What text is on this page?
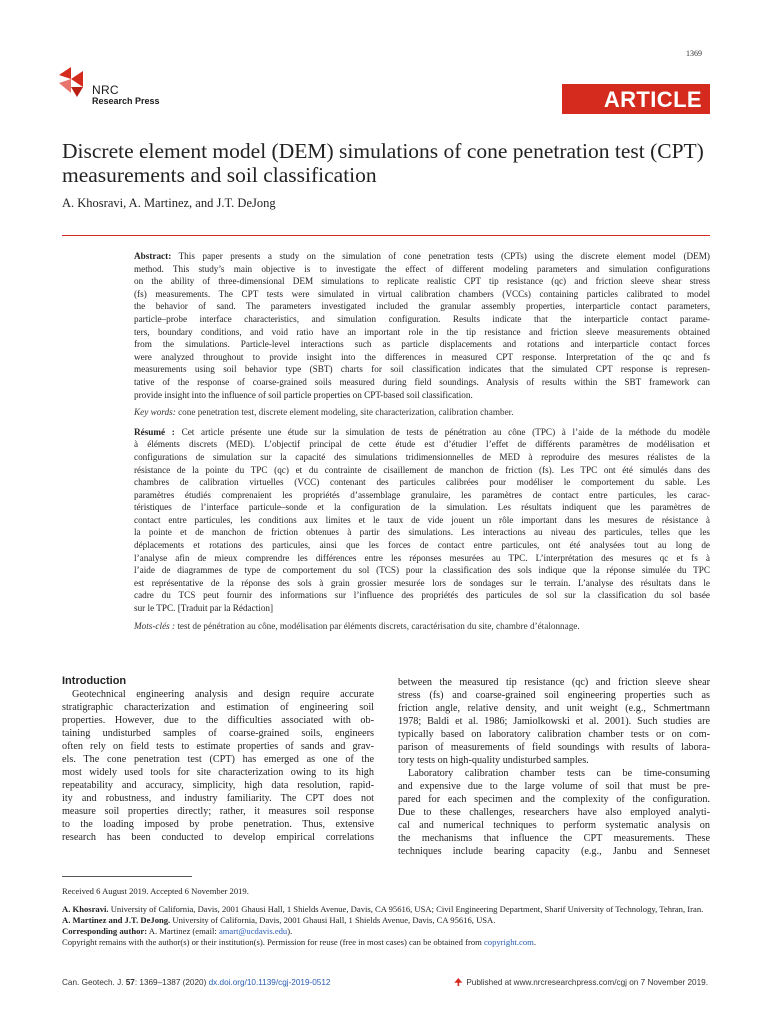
1369
NRC
Research Press	ARTICLE
Discrete element model (DEM) simulations of cone penetration test (CPT) measurements and soil classification
A. Khosravi, A. Martinez, and J.T. DeJong

Abstract: This paper presents a study on the simulation of cone penetration tests (CPTs) using the discrete element model (DEM)
method. This study’s main objective is to investigate the effect of different modeling parameters and simulation configurations
on the ability of three-dimensional DEM simulations to replicate realistic CPT tip resistance (qc) and friction sleeve shear stress
(fs) measurements. The CPT tests were simulated in virtual calibration chambers (VCCs) containing particles calibrated to model
the behavior of sand. The parameters investigated included the granular assembly properties, interparticle contact parameters,
particle–probe interface characteristics, and simulation configuration. Results indicate that the interparticle contact parame-
ters, boundary conditions, and void ratio have an important role in the tip resistance and friction sleeve measurements obtained
from the simulations. Particle-level interactions such as particle displacements and rotations and interparticle contact forces
were analyzed throughout to provide insight into the differences in measured CPT response. Interpretation of the qc and fs
measurements using soil behavior type (SBT) charts for soil classification indicates that the simulated CPT response is represen-
tative of the response of coarse-grained soils measured during field soundings. Analysis of results within the SBT framework can
provide insight into the influence of soil particle properties on CPT-based soil classification.

Key words: cone penetration test, discrete element modeling, site characterization, calibration chamber.

Résumé : Cet article présente une étude sur la simulation de tests de pénétration au cône (TPC) à l’aide de la méthode du modèle
à éléments discrets (MED). L’objectif principal de cette étude est d’étudier l’effet de différents paramètres de modélisation et
configurations de simulation sur la capacité des simulations tridimensionnelles de MED à reproduire des mesures réalistes de la
résistance de la pointe du TPC (qc) et du contrainte de cisaillement de manchon de friction (fs). Les TPC ont été simulés dans des
chambres de calibration virtuelles (VCC) contenant des particules calibrées pour modéliser le comportement du sable. Les
paramètres étudiés comprenaient les propriétés d’assemblage granulaire, les paramètres de contact entre particules, les carac-
téristiques de l’interface particule–sonde et la configuration de la simulation. Les résultats indiquent que les paramètres de
contact entre particules, les conditions aux limites et le taux de vide jouent un rôle important dans les mesures de résistance à
la pointe et de manchon de friction obtenues à partir des simulations. Les interactions au niveau des particules, telles que les
déplacements et rotations des particules, ainsi que les forces de contact entre particules, ont été analysées tout au long de
l’analyse afin de mieux comprendre les différences entre les réponses mesurées au TPC. L’interprétation des mesures qc et fs à
l’aide de diagrammes de type de comportement du sol (TCS) pour la classification des sols indique que la réponse simulée du TPC
est représentative de la réponse des sols à grain grossier mesurée lors de sondages sur le terrain. L’analyse des résultats dans le
cadre du TCS peut fournir des informations sur l’influence des propriétés des particules de sol sur la classification du sol basée
sur le TPC. [Traduit par la Rédaction]

Mots-clés : test de pénétration au cône, modélisation par éléments discrets, caractérisation du site, chambre d’étalonnage.

Introduction
Geotechnical engineering analysis and design require accurate
stratigraphic characterization and estimation of engineering soil
properties. However, due to the difficulties associated with ob-
taining undisturbed samples of coarse-grained soils, engineers
often rely on field tests to estimate properties of sands and grav-
els. The cone penetration test (CPT) has emerged as one of the
most widely used tools for site characterization owing to its high
repeatability and accuracy, simplicity, high data resolution, rapid-
ity and robustness, and industry familiarity. The CPT does not
measure soil properties directly; rather, it measures soil response
to the loading imposed by probe penetration. Thus, extensive
research has been conducted to develop empirical correlations
between the measured tip resistance (qc) and friction sleeve shear
stress (fs) and coarse-grained soil engineering properties such as
friction angle, relative density, and unit weight (e.g., Schmertmann
1978; Baldi et al. 1986; Jamiolkowski et al. 2001). Such studies are
typically based on laboratory calibration chamber tests or on com-
parison of measurements of field soundings with results of labora-
tory tests on high-quality undisturbed samples.
Laboratory calibration chamber tests can be time-consuming
and expensive due to the large volume of soil that must be pre-
pared for each specimen and the complexity of the configuration.
Due to these challenges, researchers have also employed analyti-
cal and numerical techniques to perform systematic analysis on
the mechanisms that influence the CPT measurements. These
techniques include bearing capacity (e.g., Janbu and Senneset

Received 6 August 2019. Accepted 6 November 2019.

A. Khosravi. University of California, Davis, 2001 Ghausi Hall, 1 Shields Avenue, Davis, CA 95616, USA; Civil Engineering Department, Sharif University of Technology, Tehran, Iran.

A. Martinez and J.T. DeJong. University of California, Davis, 2001 Ghausi Hall, 1 Shields Avenue, Davis, CA 95616, USA.

Corresponding author: A. Martinez (email: amart@ucdavis.edu).

Copyright remains with the author(s) or their institution(s). Permission for reuse (free in most cases) can be obtained from copyright.com.

Can. Geotech. J. 57: 1369–1387 (2020) dx.doi.org/10.1139/cgj-2019-0512	Published at www.nrcresearchpress.com/cgj on 7 November 2019.
